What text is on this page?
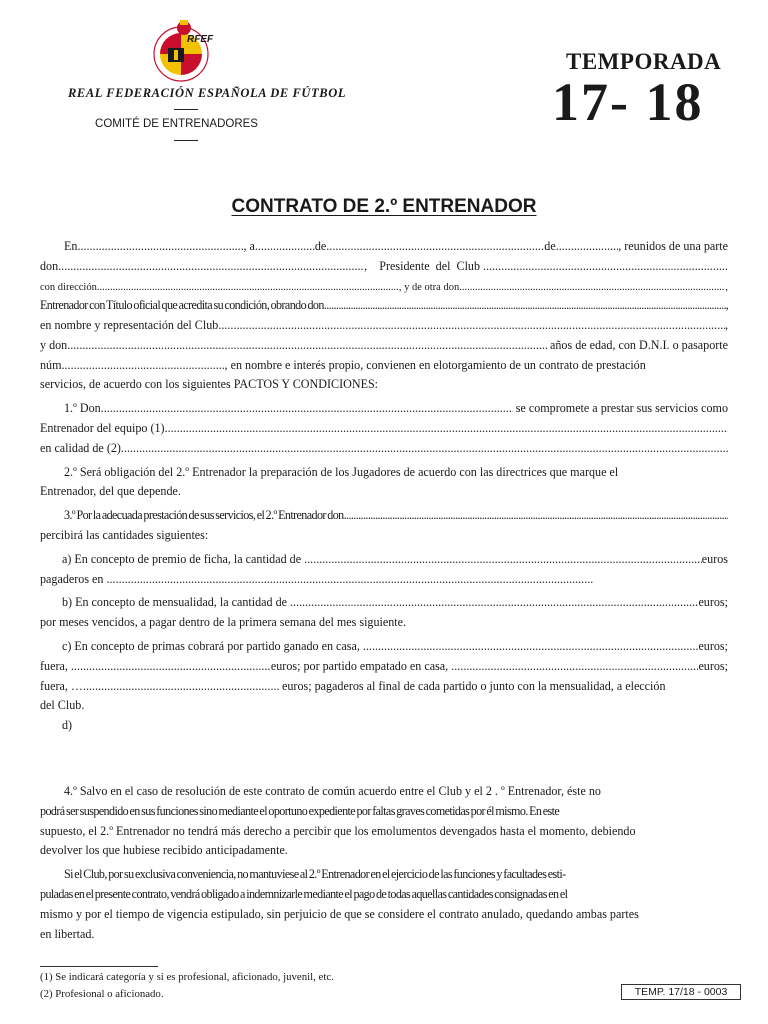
RFEF
REAL FEDERACIÓN ESPAÑOLA DE FÚTBOL
COMITÉ DE ENTRENADORES
TEMPORADA
17- 18
CONTRATO DE 2.º ENTRENADOR
En .....	, a .....	de .....	de .....	, reunidos de una parte
don .....	,    Presidente  del  Club
.....
con dirección .....	, y de otra don .....	,
Entrenador con Título oficial que acredita su condición, obrando don .....	,
en nombre y representación del Club .....	,
y don .....	años de edad, con D.N.I. o pasaporte
núm. .....	, en nombre e interés propio, convienen en elotorgamiento de un contrato de prestación
servicios, de acuerdo con los siguientes PACTOS Y CONDICIONES:
1.º Don .....	se compromete a prestar sus servicios como
Entrenador del equipo (1)
.....
en calidad de (2)
.....
2.º Será obligación del 2.º Entrenador la preparación de los Jugadores de acuerdo con las directrices que marque el
Entrenador, del que depende.
3.º Por la adecuada prestación de sus servicios, el 2.º Entrenador don
.....
percibirá las cantidades siguientes:
a) En concepto de premio de ficha, la cantidad de .....	euros
pagaderos en
.....
b) En concepto de mensualidad, la cantidad de .....	euros;
por meses vencidos, a pagar dentro de la primera semana del mes siguiente.
c) En concepto de primas cobrará por partido ganado en casa, .....	euros;
fuera, .....	euros; por partido empatado en casa, .....	euros;
fuera, … .....	euros; pagaderos al final de cada partido o junto con la mensualidad, a elección
del Club.
d)
4.º Salvo en el caso de resolución de este contrato de común acuerdo entre el Club y el 2 . º Entrenador, éste no
podrá ser suspendido en sus funciones sino mediante el oportuno expediente por faltas graves cometidas por él mismo. En este
supuesto, el 2.º Entrenador no tendrá más derecho a percibir que los emolumentos devengados hasta el momento, debiendo
devolver los que hubiese recibido anticipadamente.
Si el Club, por su exclusiva conveniencia, no mantuviese al 2.º Entrenador en el ejercicio de las funciones y facultades esti-
puladas en el presente contrato, vendrá obligado a indemnizarle mediante el pago de todas aquellas cantidades consignadas en el
mismo y por el tiempo de vigencia estipulado, sin perjuicio de que se considere el contrato anulado, quedando ambas partes
en libertad.
(1) Se indicará categoría y si es profesional, aficionado, juvenil, etc.
(2) Profesional o aficionado.	TEMP. 17/18 - 0003
